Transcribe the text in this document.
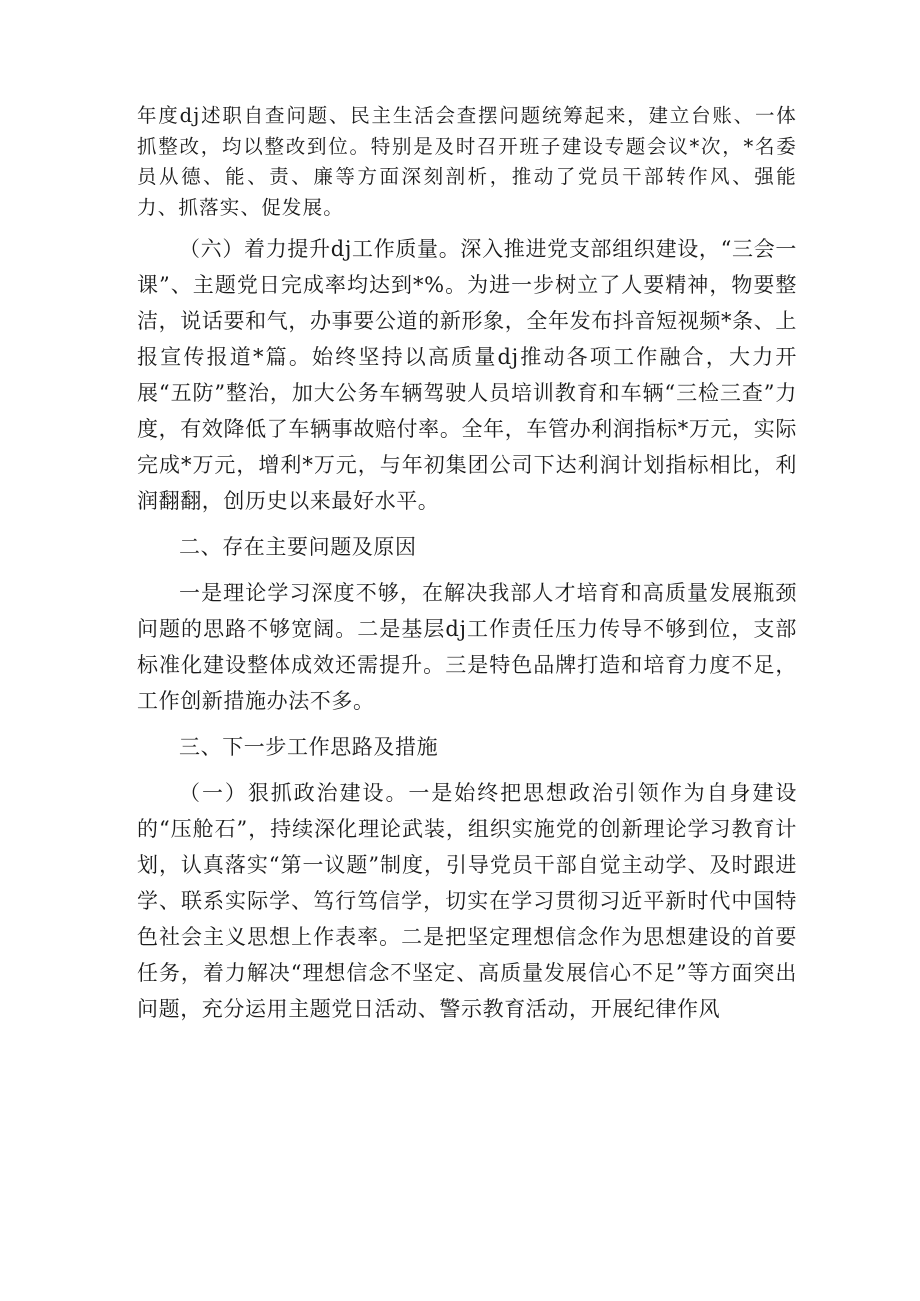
年度dj述职自查问题、民主生活会查摆问题统筹起来，建立台账、一体抓整改，均以整改到位。特别是及时召开班子建设专题会议*次，*名委员从德、能、责、廉等方面深刻剖析，推动了党员干部转作风、强能力、抓落实、促发展。

（六）着力提升dj工作质量。深入推进党支部组织建设，“三会一课”、主题党日完成率均达到*%。为进一步树立了人要精神，物要整洁，说话要和气，办事要公道的新形象，全年发布抖音短视频*条、上报宣传报道*篇。始终坚持以高质量dj推动各项工作融合，大力开展“五防”整治，加大公务车辆驾驶人员培训教育和车辆“三检三查”力度，有效降低了车辆事故赔付率。全年，车管办利润指标*万元，实际完成*万元，增利*万元，与年初集团公司下达利润计划指标相比，利润翻翻，创历史以来最好水平。

二、存在主要问题及原因

一是理论学习深度不够，在解决我部人才培育和高质量发展瓶颈问题的思路不够宽阔。二是基层dj工作责任压力传导不够到位，支部标准化建设整体成效还需提升。三是特色品牌打造和培育力度不足，工作创新措施办法不多。

三、下一步工作思路及措施

（一）狠抓政治建设。一是始终把思想政治引领作为自身建设的“压舱石”，持续深化理论武装，组织实施党的创新理论学习教育计划，认真落实“第一议题”制度，引导党员干部自觉主动学、及时跟进学、联系实际学、笃行笃信学，切实在学习贯彻习近平新时代中国特色社会主义思想上作表率。二是把坚定理想信念作为思想建设的首要任务，着力解决“理想信念不坚定、高质量发展信心不足”等方面突出问题，充分运用主题党日活动、警示教育活动，开展纪律作风
